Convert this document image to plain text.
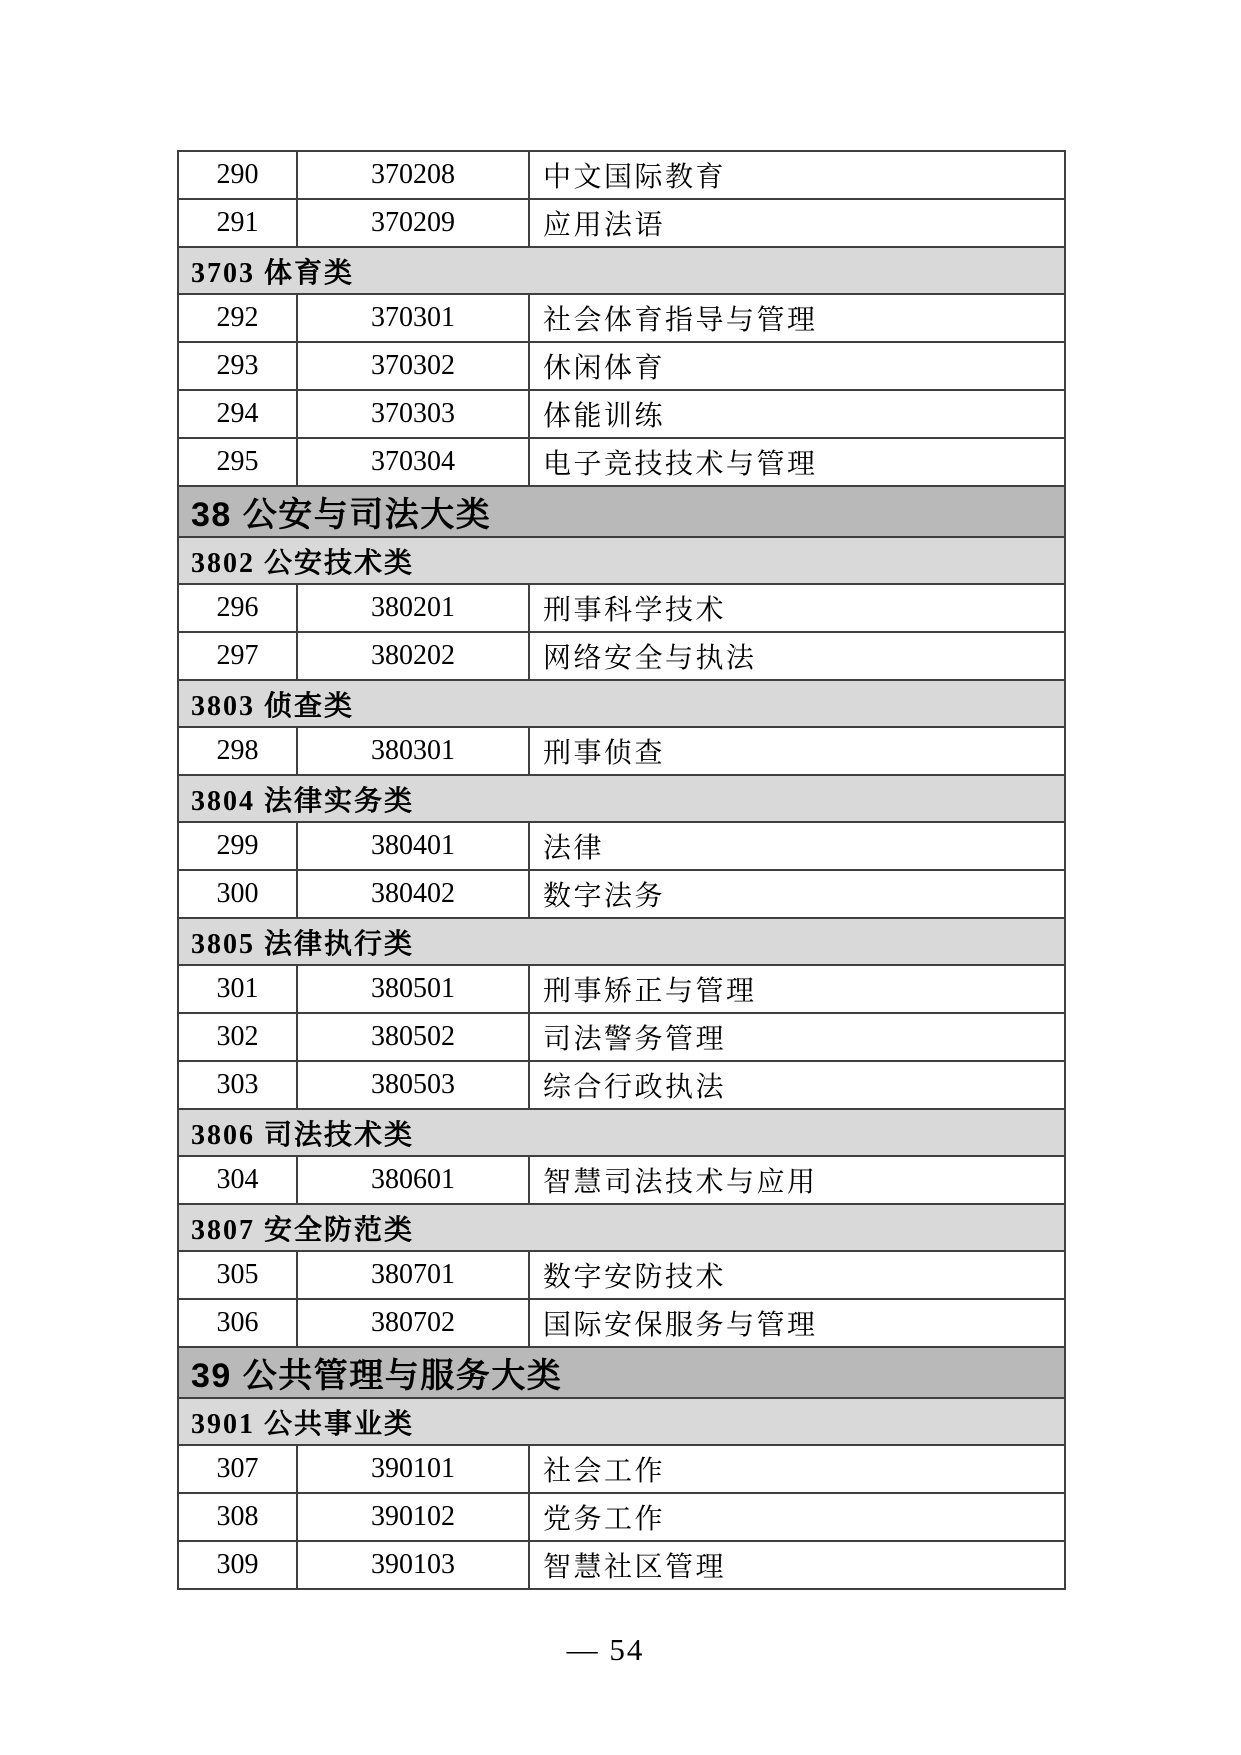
290	370208	中文国际教育
291	370209	应用法语
3703 体育类		
292	370301	社会体育指导与管理
293	370302	休闲体育
294	370303	体能训练
295	370304	电子竞技技术与管理
38 公安与司法大类		
3802 公安技术类		
296	380201	刑事科学技术
297	380202	网络安全与执法
3803 侦查类		
298	380301	刑事侦查
3804 法律实务类		
299	380401	法律
300	380402	数字法务
3805 法律执行类		
301	380501	刑事矫正与管理
302	380502	司法警务管理
303	380503	综合行政执法
3806 司法技术类		
304	380601	智慧司法技术与应用
3807 安全防范类		
305	380701	数字安防技术
306	380702	国际安保服务与管理
39 公共管理与服务大类		
3901 公共事业类		
307	390101	社会工作
308	390102	党务工作
309	390103	智慧社区管理
— 54
